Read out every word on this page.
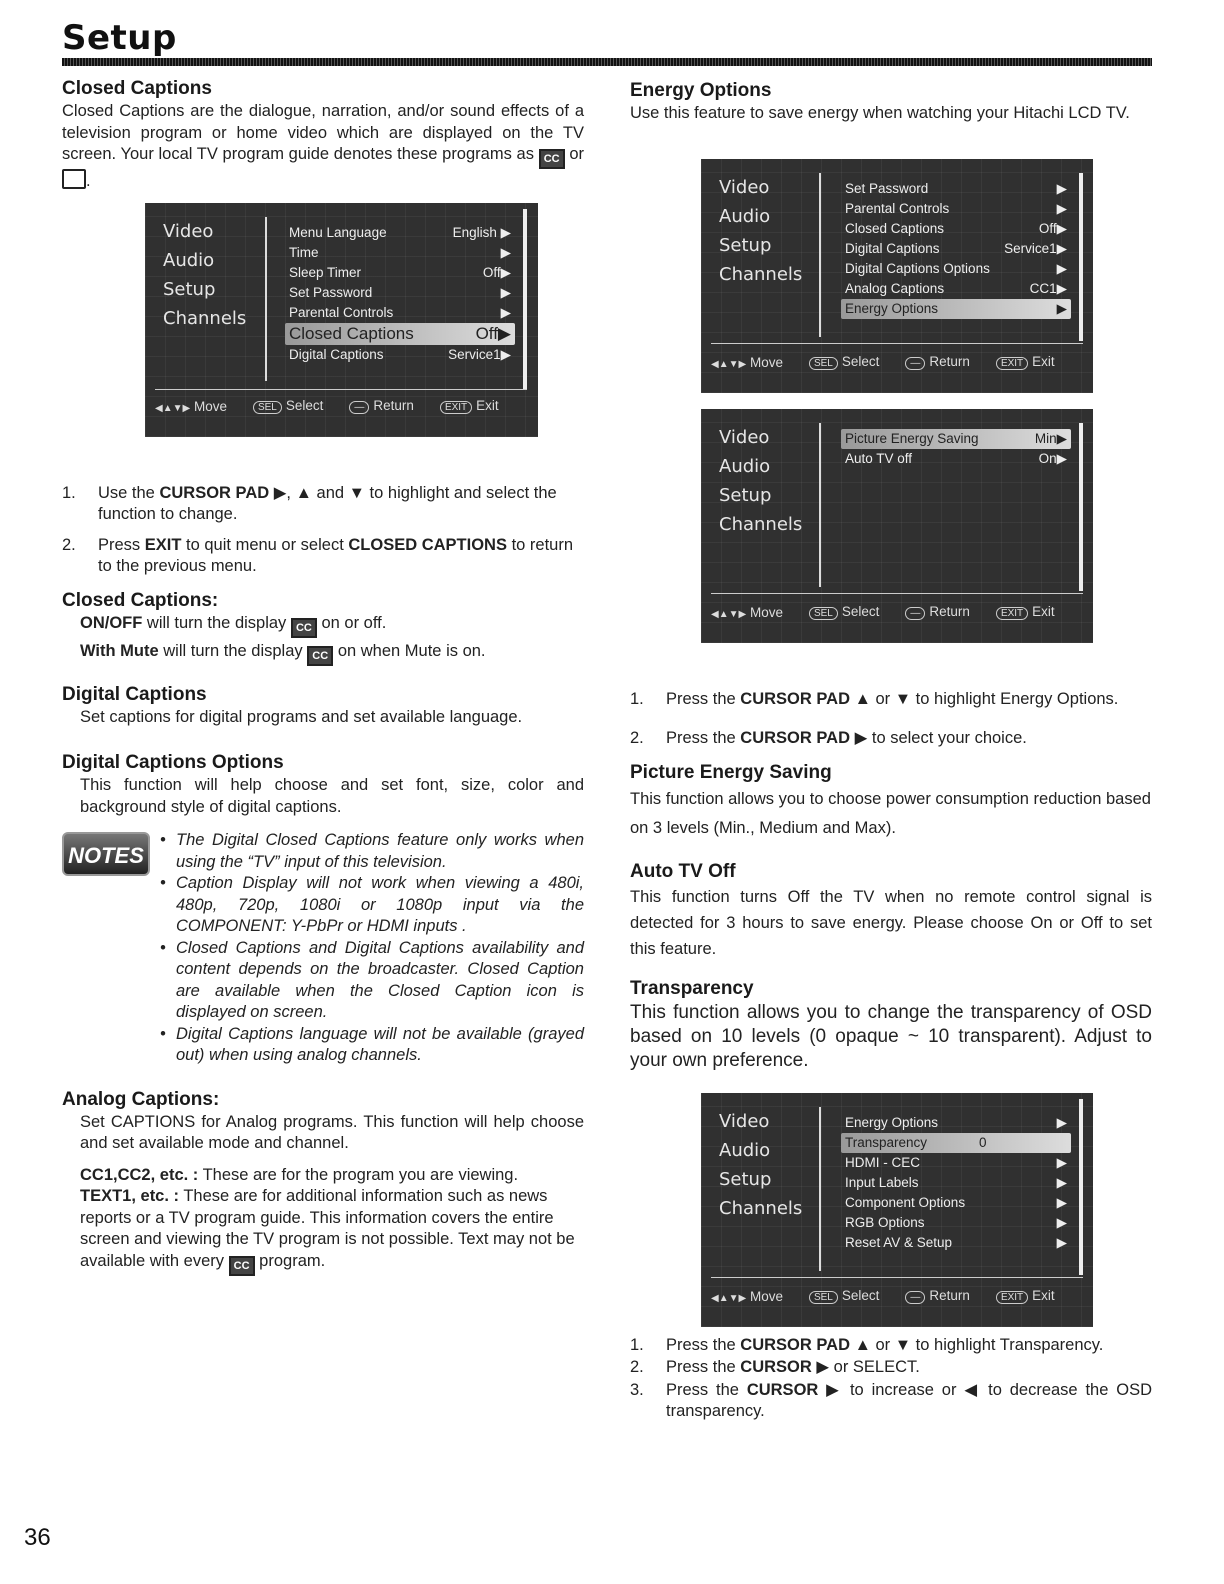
Setup
Closed Captions

Closed Captions are the dialogue, narration, and/or sound effects of a television program or home video which are displayed on the TV screen. Your local TV program guide denotes these programs as CC or .

1. Use the CURSOR PAD ▶, ▲ and ▼ to highlight and select the function to change.
2. Press EXIT to quit menu or select CLOSED CAPTIONS to return to the previous menu.
Closed Captions:

ON/OFF will turn the display CC on or off.

With Mute will turn the display CC on when Mute is on.

Digital Captions

Set captions for digital programs and set available language.

Digital Captions Options

This function will help choose and set font, size, color and background style of digital captions.

NOTES
• The Digital Closed Captions feature only works when using the “TV” input of this television.
• Caption Display will not work when viewing a 480i, 480p, 720p, 1080i or 1080p input via the COMPONENT: Y-PbPr or HDMI inputs .
• Closed Captions and Digital Captions availability and content depends on the broadcaster. Closed Caption are available when the Closed Caption icon is displayed on screen.
• Digital Captions language will not be available (grayed out) when using analog channels.
Analog Captions:

Set CAPTIONS for Analog programs. This function will help choose and set available mode and channel.

CC1,CC2, etc. : These are for the program you are viewing.

TEXT1, etc. : These are for additional information such as news reports or a TV program guide. This information covers the entire screen and viewing the TV program is not possible. Text may not be available with every CC program.

Energy Options

Use this feature to save energy when watching your Hitachi LCD TV.

1. Press the CURSOR PAD ▲ or ▼ to highlight Energy Options.
2. Press the CURSOR PAD ▶ to select your choice.
Picture Energy Saving

This function allows you to choose power consumption reduction based on 3 levels (Min., Medium and Max).

Auto TV Off

This function turns Off the TV when no remote control signal is detected for 3 hours to save energy. Please choose On or Off to set this feature.

Transparency

This function allows you to change the transparency of OSD based on 10 levels (0 opaque ~ 10 transparent). Adjust to your own preference.

1. Press the CURSOR PAD ▲ or ▼ to highlight Transparency.
2. Press the CURSOR ▶ or SELECT.
3. Press the CURSOR ▶ to increase or ◀ to decrease the OSD transparency.
Video
Audio
Setup
Channels
Menu Language	English ▶
Time	▶
Sleep Timer	Off▶
Set Password	▶
Parental Controls	▶
Closed Captions	Off▶
Digital Captions	Service1▶
◀▲▼▶ Move	SEL Select	— Return	EXIT Exit
Video
Audio
Setup
Channels
Set Password	▶
Parental Controls	▶
Closed Captions	Off▶
Digital Captions	Service1▶
Digital Captions Options	▶
Analog Captions	CC1▶
Energy Options	▶
◀▲▼▶ Move	SEL Select	— Return	EXIT Exit
Video
Audio
Setup
Channels
Picture Energy Saving	Min▶
Auto TV off	On▶
◀▲▼▶ Move	SEL Select	— Return	EXIT Exit
Video
Audio
Setup
Channels
Energy Options	▶
Transparency	0
HDMI - CEC	▶
Input Labels	▶
Component Options	▶
RGB Options	▶
Reset AV & Setup	▶
◀▲▼▶ Move	SEL Select	— Return	EXIT Exit
36
